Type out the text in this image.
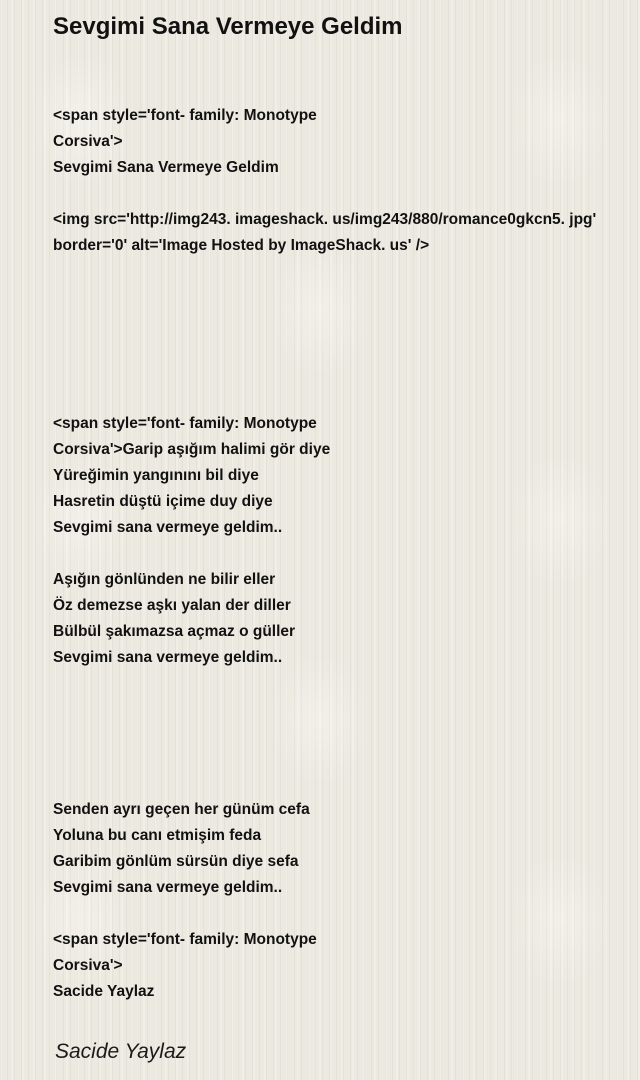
Sevgimi Sana Vermeye Geldim
<span style='font- family: Monotype
Corsiva'>
Sevgimi Sana Vermeye Geldim
<img src='http://img243. imageshack. us/img243/880/romance0gkcn5. jpg'
border='0' alt='Image Hosted by ImageShack. us' />
<span style='font- family: Monotype
Corsiva'>Garip aşığım halimi gör diye
Yüreğimin yangınını bil diye
Hasretin düştü içime duy diye
Sevgimi sana vermeye geldim..
Aşığın gönlünden ne bilir eller
Öz demezse aşkı yalan der diller
Bülbül şakımazsa açmaz o güller
Sevgimi sana vermeye geldim..
Senden ayrı geçen her günüm cefa
Yoluna bu canı etmişim feda
Garibim gönlüm sürsün diye sefa
Sevgimi sana vermeye geldim..
<span style='font- family: Monotype
Corsiva'>
Sacide Yaylaz
Sacide Yaylaz
